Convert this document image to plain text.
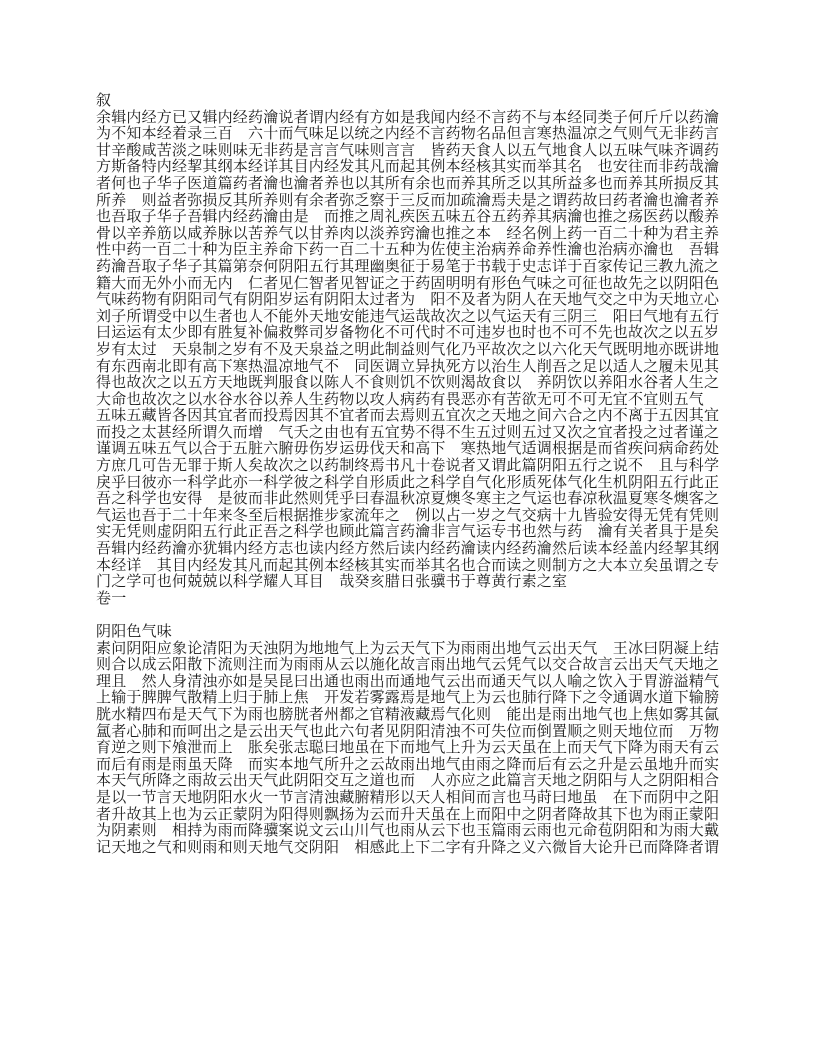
叙
余辑内经方已又辑内经药瀹说者谓内经有方如是我闻内经不言药不与本经同类子何斤斤以药瀹
为不知本经着录三百　六十而气味足以统之内经不言药物名品但言寒热温凉之气则气无非药言
甘辛酸咸苦淡之味则味无非药是言言气味则言言　皆药天食人以五气地食人以五味气味齐调药
方斯备特内经挈其纲本经详其目内经发其凡而起其例本经核其实而举其名　也安往而非药哉瀹
者何也子华子医道篇药者瀹也瀹者养也以其所有余也而养其所乏以其所益多也而养其所损反其
所养　则益者弥损反其所养则有余者弥乏察于三反而加疏瀹焉夫是之谓药故曰药者瀹也瀹者养
也吾取子华子吾辑内经药瀹由是　而推之周礼疾医五味五谷五药养其病瀹也推之疡医药以酸养
骨以辛养筋以咸养脉以苦养气以甘养肉以淡养窍瀹也推之本　经名例上药一百二十种为君主养
性中药一百二十种为臣主养命下药一百二十五种为佐使主治病养命养性瀹也治病亦瀹也　吾辑
药瀹吾取子华子其篇第奈何阴阳五行其理幽奥征于易笔于书载于史志详于百家传记三教九流之
籍大而无外小而无内　仁者见仁智者见智证之于药固明明有形色气味之可征也故先之以阴阳色
气味药物有阴阳司气有阴阳岁运有阴阳太过者为　阳不及者为阴人在天地气交之中为天地立心
刘子所谓受中以生者也人不能外天地安能违气运哉故次之以气运天有三阴三　阳曰气地有五行
曰运运有太少即有胜复补偏救弊司岁备物化不可代时不可违岁也时也不可不先也故次之以五岁
岁有太过　天泉制之岁有不及天泉益之明此制益则气化乃平故次之以六化天气既明地亦既讲地
有东西南北即有高下寒热温凉地气不　同医调立异执死方以治生人削吾之足以适人之履未见其
得也故次之以五方天地既判服食以陈人不食则饥不饮则渴故食以　养阴饮以养阳水谷者人生之
大命也故次之以水谷水谷以养人生药物以攻人病药有畏恶亦有苦欲无可不可无宜不宜则五气
五味五藏皆各因其宜者而投焉因其不宜者而去焉则五宜次之天地之间六合之内不离于五因其宜
而投之太甚经所谓久而增　气夭之由也有五宜势不得不生五过则五过又次之宜者投之过者谨之
谨调五味五气以合于五脏六腑毋伤岁运毋伐天和高下　寒热地气适调根据是而省疾问病命药处
方庶几可告无罪于斯人矣故次之以药制终焉书凡十卷说者又谓此篇阴阳五行之说不　且与科学
戾乎曰彼亦一科学此亦一科学彼之科学自形质此之科学自气化形质死体气化生机阴阳五行此正
吾之科学也安得　是彼而非此然则凭乎曰春温秋凉夏燠冬寒主之气运也春凉秋温夏寒冬燠客之
气运也吾于二十年来冬至后根据推步家流年之　例以占一岁之气交病十九皆验安得无凭有凭则
实无凭则虚阴阳五行此正吾之科学也顾此篇言药瀹非言气运专书也然与药　瀹有关者具于是矣
吾辑内经药瀹亦犹辑内经方志也读内经方然后读内经药瀹读内经药瀹然后读本经盖内经挈其纲
本经详　其目内经发其凡而起其例本经核其实而举其名也合而读之则制方之大本立矣虽谓之专
门之学可也何兢兢以科学耀人耳目　哉癸亥腊日张骥书于尊黄行素之室
卷一
阴阳色气味
素问阴阳应象论清阳为天浊阴为地地气上为云天气下为雨雨出地气云出天气　王冰曰阴凝上结
则合以成云阳散下流则注而为雨雨从云以施化故言雨出地气云凭气以交合故言云出天气天地之
理且　然人身清浊亦如是吴昆曰出通也雨出而通地气云出而通天气以人喻之饮入于胃游溢精气
上输于脾脾气散精上归于肺上焦　开发若雾露焉是地气上为云也肺行降下之令通调水道下输膀
胱水精四布是天气下为雨也膀胱者州都之官精液藏焉气化则　能出是雨出地气也上焦如雾其氤
氲者心肺和而呵出之是云出天气也此六句者见阴阳清浊不可失位而倒置顺之则天地位而　万物
育逆之则下飧泄而上　胀矣张志聪曰地虽在下而地气上升为云天虽在上而天气下降为雨天有云
而后有雨是雨虽天降　而实本地气所升之云故雨出地气由雨之降而后有云之升是云虽地升而实
本天气所降之雨故云出天气此阴阳交互之道也而　人亦应之此篇言天地之阴阳与人之阴阳相合
是以一节言天地阴阳水火一节言清浊藏腑精形以天人相间而言也马莳曰地虽　在下而阴中之阳
者升故其上也为云正蒙阴为阳得则飘扬为云而升天虽在上而阳中之阴者降故其下也为雨正蒙阳
为阴素则　相持为雨而降骥案说文云山川气也雨从云下也玉篇雨云雨也元命苞阴阳和为雨大戴
记天地之气和则雨和则天地气交阴阳　相感此上下二字有升降之义六微旨大论升已而降降者谓
